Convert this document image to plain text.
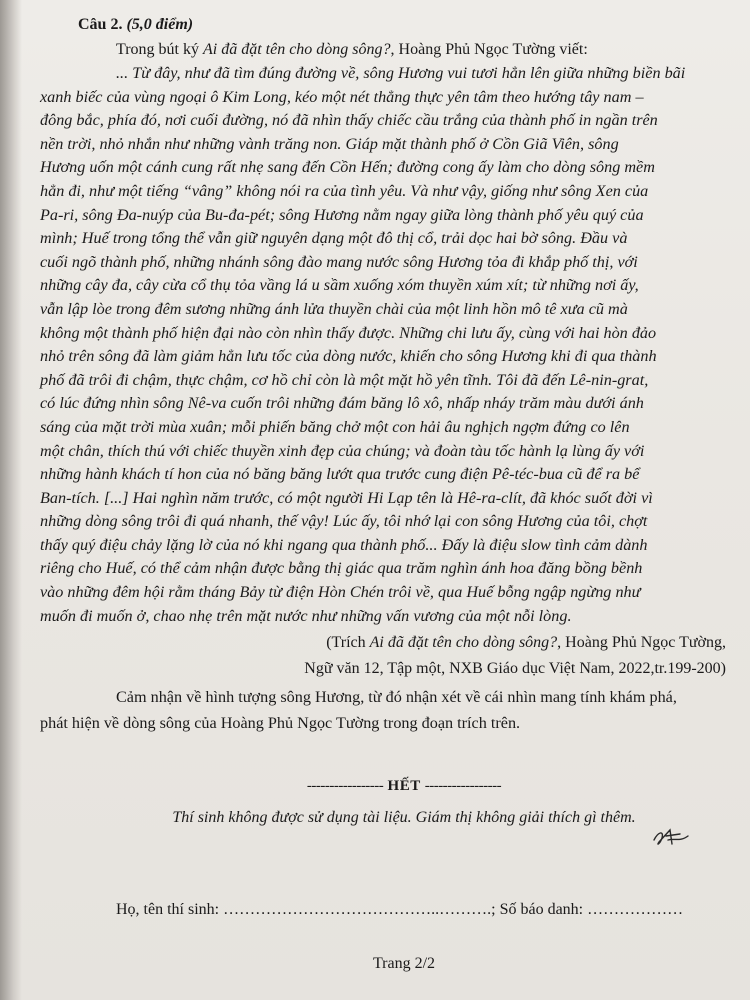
Câu 2. (5,0 điểm)

Trong bút ký Ai đã đặt tên cho dòng sông?, Hoàng Phủ Ngọc Tường viết:

... Từ đây, như đã tìm đúng đường về, sông Hương vui tươi hẳn lên giữa những biền bãi
xanh biếc của vùng ngoại ô Kim Long, kéo một nét thẳng thực yên tâm theo hướng tây nam –
đông bắc, phía đó, nơi cuối đường, nó đã nhìn thấy chiếc cầu trắng của thành phố in ngần trên
nền trời, nhỏ nhắn như những vành trăng non. Giáp mặt thành phố ở Cồn Giã Viên, sông
Hương uốn một cánh cung rất nhẹ sang đến Cồn Hến; đường cong ấy làm cho dòng sông mềm
hẳn đi, như một tiếng “vâng” không nói ra của tình yêu. Và như vậy, giống như sông Xen của
Pa-ri, sông Đa-nuýp của Bu-đa-pét; sông Hương nằm ngay giữa lòng thành phố yêu quý của
mình; Huế trong tổng thể vẫn giữ nguyên dạng một đô thị cổ, trải dọc hai bờ sông. Đầu và
cuối ngõ thành phố, những nhánh sông đào mang nước sông Hương tỏa đi khắp phố thị, với
những cây đa, cây cừa cổ thụ tỏa vầng lá u sầm xuống xóm thuyền xúm xít; từ những nơi ấy,
vẫn lập lòe trong đêm sương những ánh lửa thuyền chài của một linh hồn mô tê xưa cũ mà
không một thành phố hiện đại nào còn nhìn thấy được. Những chi lưu ấy, cùng với hai hòn đảo
nhỏ trên sông đã làm giảm hẳn lưu tốc của dòng nước, khiến cho sông Hương khi đi qua thành
phố đã trôi đi chậm, thực chậm, cơ hồ chỉ còn là một mặt hồ yên tĩnh. Tôi đã đến Lê-nin-grat,
có lúc đứng nhìn sông Nê-va cuốn trôi những đám băng lô xô, nhấp nháy trăm màu dưới ánh
sáng của mặt trời mùa xuân; mỗi phiến băng chở một con hải âu nghịch ngợm đứng co lên
một chân, thích thú với chiếc thuyền xinh đẹp của chúng; và đoàn tàu tốc hành lạ lùng ấy với
những hành khách tí hon của nó băng băng lướt qua trước cung điện Pê-téc-bua cũ để ra bể
Ban-tích. [...] Hai nghìn năm trước, có một người Hi Lạp tên là Hê-ra-clít, đã khóc suốt đời vì
những dòng sông trôi đi quá nhanh, thế vậy! Lúc ấy, tôi nhớ lại con sông Hương của tôi, chợt
thấy quý điệu chảy lặng lờ của nó khi ngang qua thành phố... Đấy là điệu slow tình cảm dành
riêng cho Huế, có thể cảm nhận được bằng thị giác qua trăm nghìn ánh hoa đăng bồng bềnh
vào những đêm hội rằm tháng Bảy từ điện Hòn Chén trôi về, qua Huế bỗng ngập ngừng như
muốn đi muốn ở, chao nhẹ trên mặt nước như những vấn vương của một nỗi lòng.
(Trích Ai đã đặt tên cho dòng sông?, Hoàng Phủ Ngọc Tường,
Ngữ văn 12, Tập một, NXB Giáo dục Việt Nam, 2022,tr.199-200)
Cảm nhận về hình tượng sông Hương, từ đó nhận xét về cái nhìn mang tính khám phá,
phát hiện về dòng sông của Hoàng Phủ Ngọc Tường trong đoạn trích trên.
----------------- HẾT -----------------
Thí sinh không được sử dụng tài liệu. Giám thị không giải thích gì thêm.
Họ, tên thí sinh: …………………………………..……….; Số báo danh: ………………
Trang 2/2
